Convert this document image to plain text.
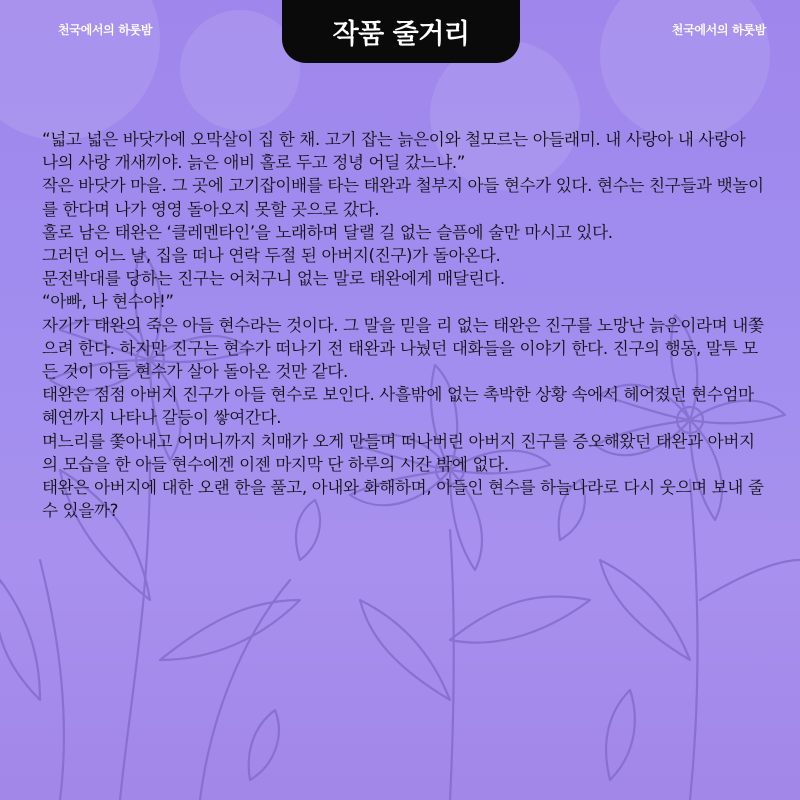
천국에서의 하룻밤	천국에서의 하룻밤
작품 줄거리

“넓고 넓은 바닷가에 오막살이 집 한 채. 고기 잡는 늙은이와 철모르는 아들래미. 내 사랑아 내 사랑아 나의 사랑 개새끼야. 늙은 애비 홀로 두고 정녕 어딜 갔느냐.”

작은 바닷가 마을. 그 곳에 고기잡이배를 타는 태완과 철부지 아들 현수가 있다. 현수는 친구들과 뱃놀이를 한다며 나가 영영 돌아오지 못할 곳으로 갔다.

홀로 남은 태완은 ‘클레멘타인’을 노래하며 달랠 길 없는 슬픔에 술만 마시고 있다.

그러던 어느 날, 집을 떠나 연락 두절 된 아버지(진구)가 돌아온다.

문전박대를 당하는 진구는 어처구니 없는 말로 태완에게 매달린다.

“아빠, 나 현수야!”

자기가 태완의 죽은 아들 현수라는 것이다. 그 말을 믿을 리 없는 태완은 진구를 노망난 늙은이라며 내쫓으려 한다. 하지만 진구는 현수가 떠나기 전 태완과 나눴던 대화들을 이야기 한다. 진구의 행동, 말투 모든 것이 아들 현수가 살아 돌아온 것만 같다.

태완은 점점 아버지 진구가 아들 현수로 보인다. 사흘밖에 없는 촉박한 상황 속에서 헤어졌던 현수엄마 혜연까지 나타나 갈등이 쌓여간다.

며느리를 쫓아내고 어머니까지 치매가 오게 만들며 떠나버린 아버지 진구를 증오해왔던 태완과 아버지의 모습을 한 아들 현수에겐 이젠 마지막 단 하루의 시간 밖에 없다.

태완은 아버지에 대한 오랜 한을 풀고, 아내와 화해하며, 아들인 현수를 하늘나라로 다시 웃으며 보내 줄 수 있을까?
